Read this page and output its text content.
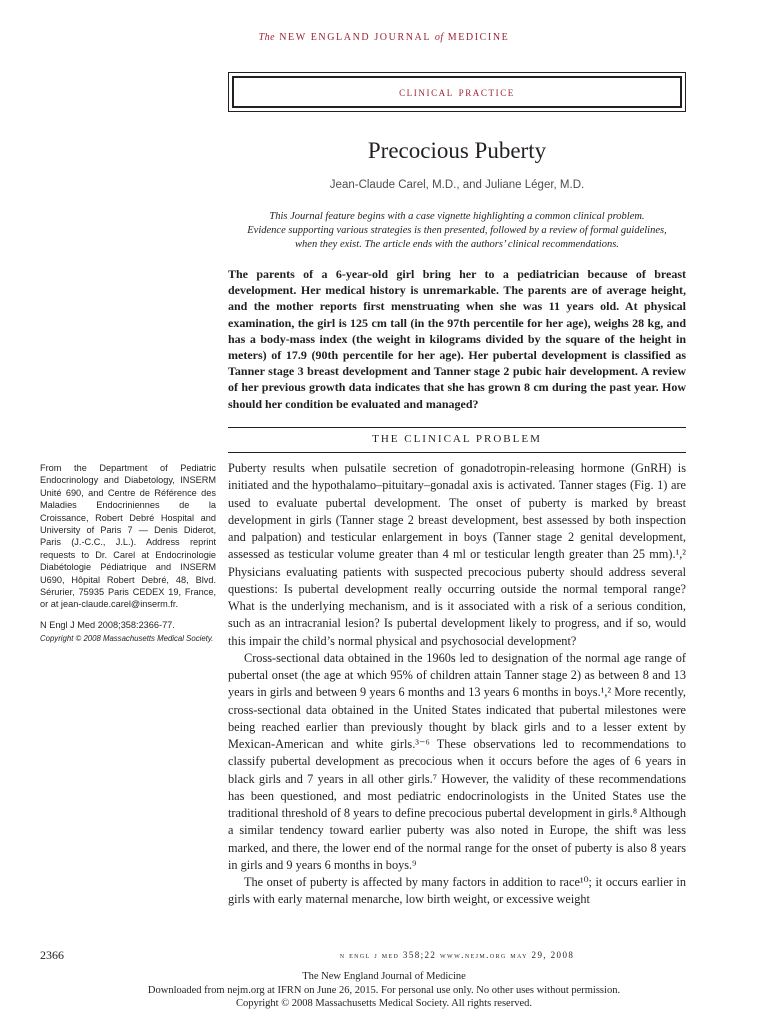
The NEW ENGLAND JOURNAL of MEDICINE
clinical practice
Precocious Puberty
Jean-Claude Carel, M.D., and Juliane Léger, M.D.
This Journal feature begins with a case vignette highlighting a common clinical problem.
Evidence supporting various strategies is then presented, followed by a review of formal guidelines,
when they exist. The article ends with the authors’ clinical recommendations.
The parents of a 6-year-old girl bring her to a pediatrician because of breast development. Her medical history is unremarkable. The parents are of average height, and the mother reports first menstruating when she was 11 years old. At physical examination, the girl is 125 cm tall (in the 97th percentile for her age), weighs 28 kg, and has a body-mass index (the weight in kilograms divided by the square of the height in meters) of 17.9 (90th percentile for her age). Her pubertal development is classified as Tanner stage 3 breast development and Tanner stage 2 pubic hair development. A review of her previous growth data indicates that she has grown 8 cm during the past year. How should her condition be evaluated and managed?
THE CLINICAL PROBLEM
From the Department of Pediatric Endocrinology and Diabetology, INSERM Unité 690, and Centre de Référence des Maladies Endocriniennes de la Croissance, Robert Debré Hospital and University of Paris 7 — Denis Diderot, Paris (J.-C.C., J.L.). Address reprint requests to Dr. Carel at Endocrinologie Diabétologie Pédiatrique and INSERM U690, Hôpital Robert Debré, 48, Blvd. Sérurier, 75935 Paris CEDEX 19, France, or at jean-claude.carel@inserm.fr.
N Engl J Med 2008;358:2366-77.
Copyright © 2008 Massachusetts Medical Society.

Puberty results when pulsatile secretion of gonadotropin-releasing hormone (GnRH) is initiated and the hypothalamo–pituitary–gonadal axis is activated. Tanner stages (Fig. 1) are used to evaluate pubertal development. The onset of puberty is marked by breast development in girls (Tanner stage 2 breast development, best assessed by both inspection and palpation) and testicular enlargement in boys (Tanner stage 2 genital development, assessed as testicular volume greater than 4 ml or testicular length greater than 25 mm).¹,² Physicians evaluating patients with suspected precocious puberty should address several questions: Is pubertal development really occurring outside the normal temporal range? What is the underlying mechanism, and is it associated with a risk of a serious condition, such as an intracranial lesion? Is pubertal development likely to progress, and if so, would this impair the child’s normal physical and psychosocial development?

Cross-sectional data obtained in the 1960s led to designation of the normal age range of pubertal onset (the age at which 95% of children attain Tanner stage 2) as between 8 and 13 years in girls and between 9 years 6 months and 13 years 6 months in boys.¹,² More recently, cross-sectional data obtained in the United States indicated that pubertal milestones were being reached earlier than previously thought by black girls and to a lesser extent by Mexican-American and white girls.³⁻⁶ These observations led to recommendations to classify pubertal development as precocious when it occurs before the ages of 6 years in black girls and 7 years in all other girls.⁷ However, the validity of these recommendations has been questioned, and most pediatric endocrinologists in the United States use the traditional threshold of 8 years to define precocious pubertal development in girls.⁸ Although a similar tendency toward earlier puberty was also noted in Europe, the shift was less marked, and there, the lower end of the normal range for the onset of puberty is also 8 years in girls and 9 years 6 months in boys.⁹

The onset of puberty is affected by many factors in addition to race¹⁰; it occurs earlier in girls with early maternal menarche, low birth weight, or excessive weight

2366	n engl j med 358;22 www.nejm.org may 29, 2008
The New England Journal of Medicine
Downloaded from nejm.org at IFRN on June 26, 2015. For personal use only. No other uses without permission.
Copyright © 2008 Massachusetts Medical Society. All rights reserved.
